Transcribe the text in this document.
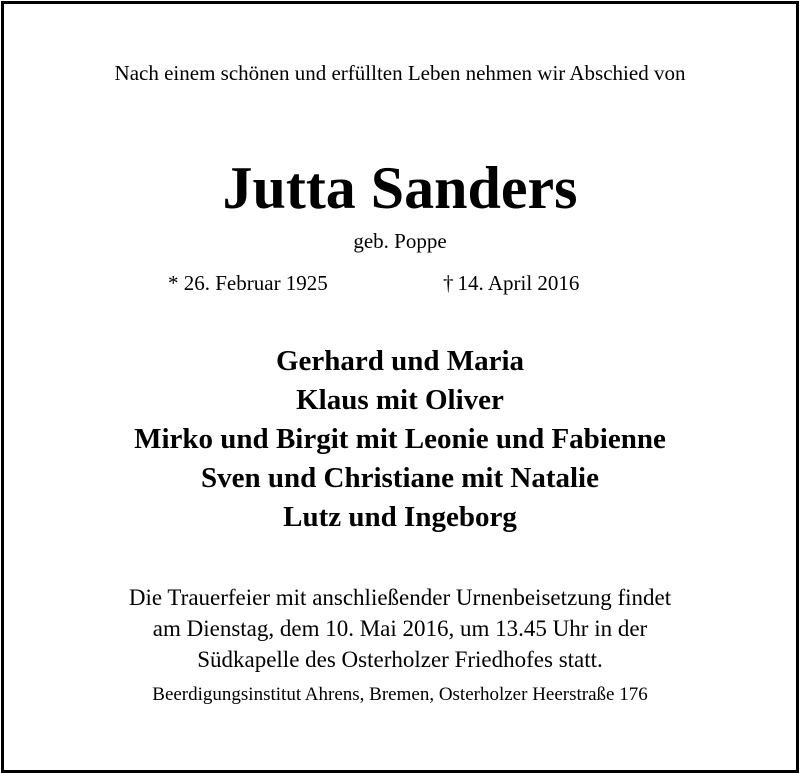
Nach einem schönen und erfüllten Leben nehmen wir Abschied von
Jutta Sanders
geb. Poppe
* 26. Februar 1925	† 14. April 2016
Gerhard und Maria
Klaus mit Oliver
Mirko und Birgit mit Leonie und Fabienne
Sven und Christiane mit Natalie
Lutz und Ingeborg
Die Trauerfeier mit anschließender Urnenbeisetzung findet
am Dienstag, dem 10. Mai 2016, um 13.45 Uhr in der
Südkapelle des Osterholzer Friedhofes statt.
Beerdigungsinstitut Ahrens, Bremen, Osterholzer Heerstraße 176
